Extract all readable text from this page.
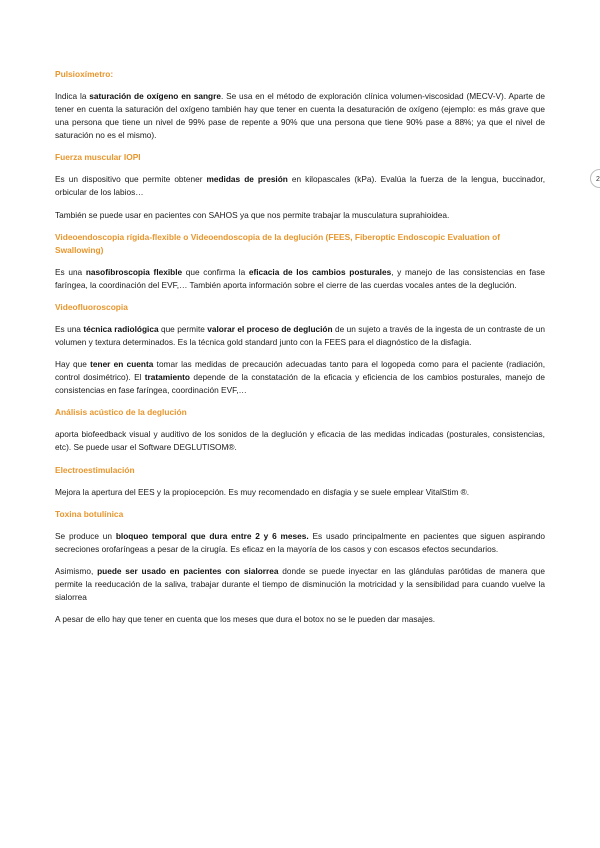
Pulsioxímetro:
Indica la saturación de oxígeno en sangre. Se usa en el método de exploración clínica volumen-viscosidad (MECV-V). Aparte de tener en cuenta la saturación del oxígeno también hay que tener en cuenta la desaturación de oxígeno (ejemplo: es más grave que una persona que tiene un nivel de 99% pase de repente a 90% que una persona que tiene 90% pase a 88%; ya que el nivel de saturación no es el mismo).
Fuerza muscular IOPI
Es un dispositivo que permite obtener medidas de presión en kilopascales (kPa). Evalúa la fuerza de la lengua, buccinador, orbicular de los labios…
También se puede usar en pacientes con SAHOS ya que nos permite trabajar la musculatura suprahioidea.
Videoendoscopia rígida-flexible o Videoendoscopia de la deglución (FEES, Fiberoptic Endoscopic Evaluation of Swallowing)
Es una nasofibroscopia flexible que confirma la eficacia de los cambios posturales, y manejo de las consistencias en fase faríngea, la coordinación del EVF,… También aporta información sobre el cierre de las cuerdas vocales antes de la deglución.
Videofluoroscopia
Es una técnica radiológica que permite valorar el proceso de deglución de un sujeto a través de la ingesta de un contraste de un volumen y textura determinados. Es la técnica gold standard junto con la FEES para el diagnóstico de la disfagia.
Hay que tener en cuenta tomar las medidas de precaución adecuadas tanto para el logopeda como para el paciente (radiación, control dosimétrico). El tratamiento depende de la constatación de la eficacia y eficiencia de los cambios posturales, manejo de consistencias en fase faríngea, coordinación EVF,…
Análisis acústico de la deglución
aporta biofeedback visual y auditivo de los sonidos de la deglución y eficacia de las medidas indicadas (posturales, consistencias, etc). Se puede usar el Software DEGLUTISOM®.
Electroestimulación
Mejora la apertura del EES y la propiocepción. Es muy recomendado en disfagia y se suele emplear VitalStim ®.
Toxina botulínica
Se produce un bloqueo temporal que dura entre 2 y 6 meses. Es usado principalmente en pacientes que siguen aspirando secreciones orofaríngeas a pesar de la cirugía. Es eficaz en la mayoría de los casos y con escasos efectos secundarios.
Asimismo, puede ser usado en pacientes con sialorrea donde se puede inyectar en las glándulas parótidas de manera que permite la reeducación de la saliva, trabajar durante el tiempo de disminución la motricidad y la sensibilidad para cuando vuelve la sialorrea
A pesar de ello hay que tener en cuenta que los meses que dura el botox no se le pueden dar masajes.
2
